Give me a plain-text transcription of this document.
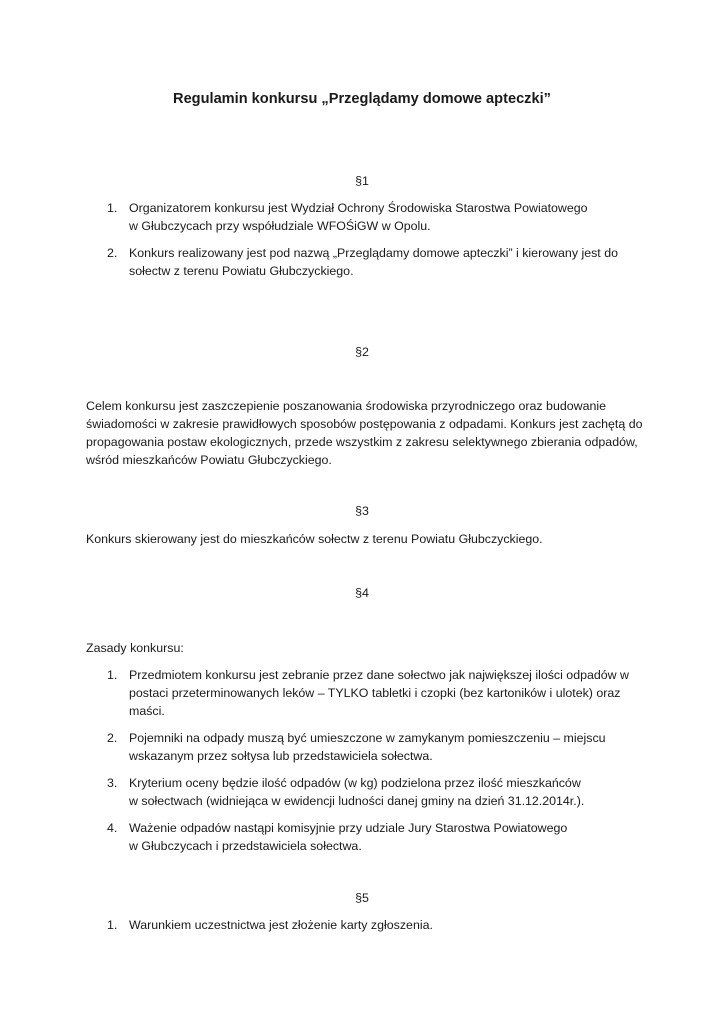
Regulamin konkursu „Przeglądamy domowe apteczki”
§1
1. Organizatorem konkursu jest Wydział Ochrony Środowiska Starostwa Powiatowego
w Głubczycach przy współudziale WFOŚiGW w Opolu.
2. Konkurs realizowany jest pod nazwą „Przeglądamy domowe apteczki” i kierowany jest do
sołectw z terenu Powiatu Głubczyckiego.
§2
Celem konkursu jest zaszczepienie poszanowania środowiska przyrodniczego oraz budowanie
świadomości w zakresie prawidłowych sposobów postępowania z odpadami. Konkurs jest zachętą do
propagowania postaw ekologicznych, przede wszystkim z zakresu selektywnego zbierania odpadów,
wśród mieszkańców Powiatu Głubczyckiego.
§3
Konkurs skierowany jest do mieszkańców sołectw z terenu Powiatu Głubczyckiego.
§4
Zasady konkursu:
1. Przedmiotem konkursu jest zebranie przez dane sołectwo jak największej ilości odpadów w
postaci przeterminowanych leków – TYLKO tabletki i czopki (bez kartoników i ulotek) oraz
maści.
2. Pojemniki na odpady muszą być umieszczone w zamykanym pomieszczeniu – miejscu
wskazanym przez sołtysa lub przedstawiciela sołectwa.
3. Kryterium oceny będzie ilość odpadów (w kg) podzielona przez ilość mieszkańców
w sołectwach (widniejąca w ewidencji ludności danej gminy na dzień 31.12.2014r.).
4. Ważenie odpadów nastąpi komisyjnie przy udziale Jury Starostwa Powiatowego
w Głubczycach i przedstawiciela sołectwa.
§5
1. Warunkiem uczestnictwa jest złożenie karty zgłoszenia.
